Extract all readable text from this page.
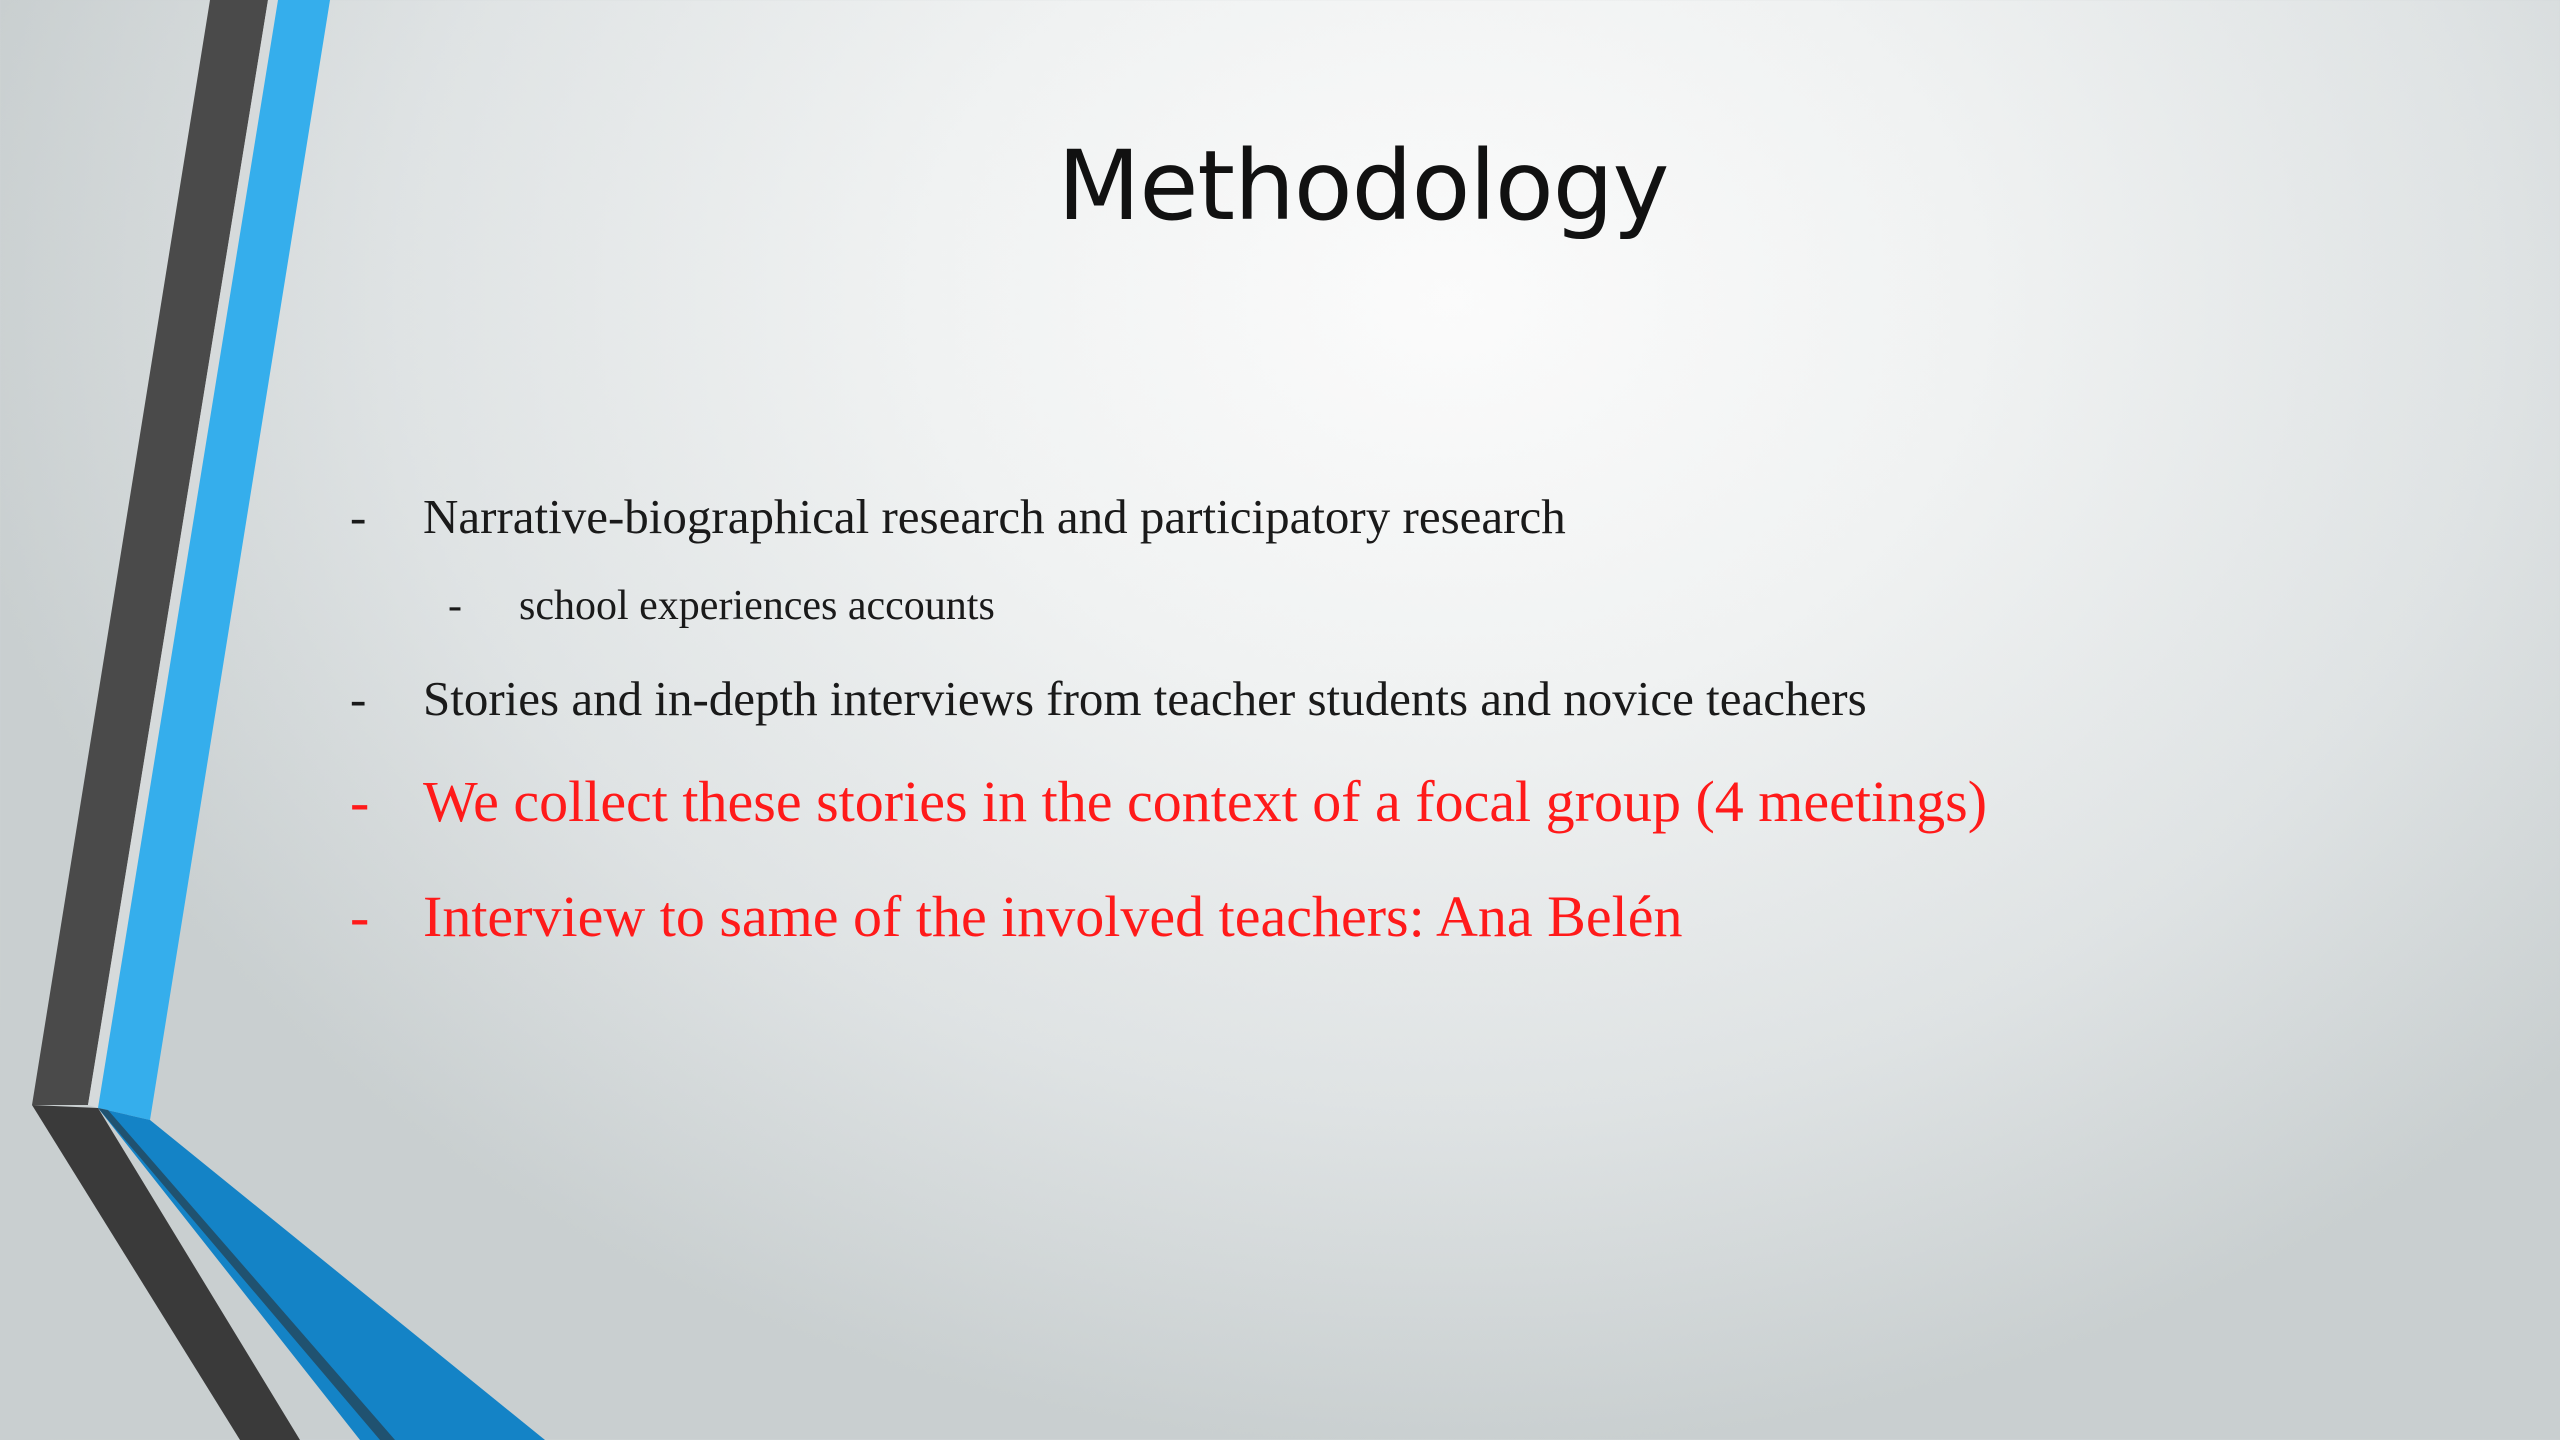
Methodology
- Narrative-biographical research and participatory research
- school experiences accounts
- Stories and in-depth interviews from teacher students and novice teachers
- We collect these stories in the context of a focal group (4 meetings)
- Interview to same of the involved teachers: Ana Belén
